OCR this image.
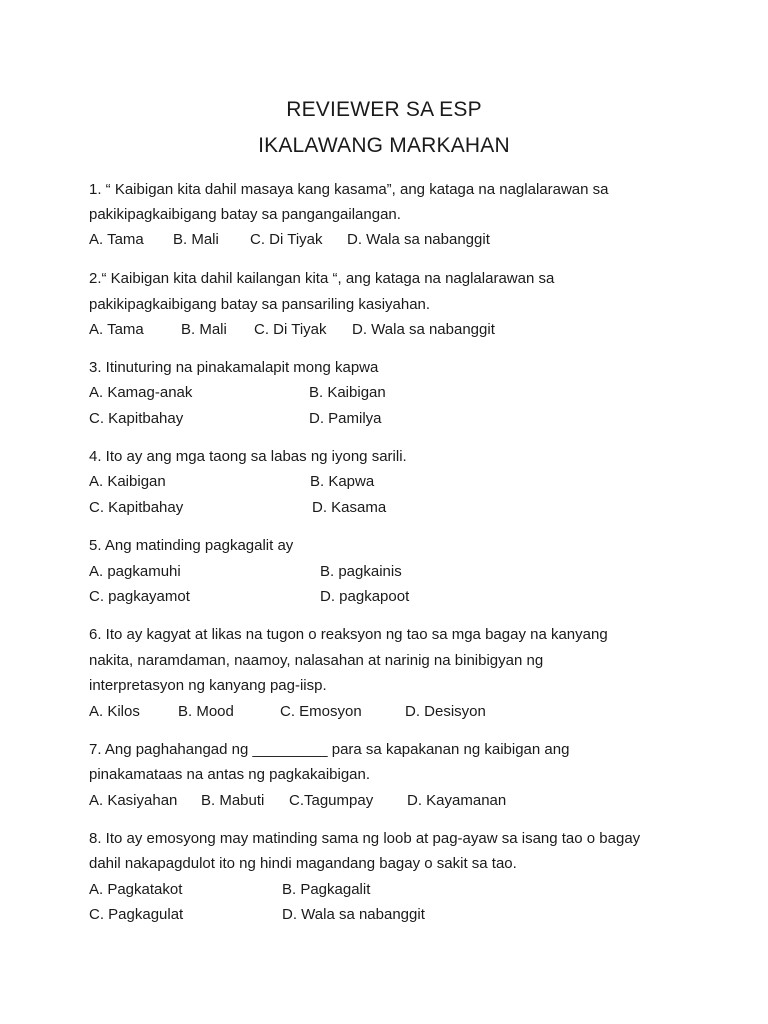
REVIEWER SA ESP
IKALAWANG MARKAHAN
1. “ Kaibigan kita dahil masaya kang kasama”, ang kataga na naglalarawan sa
pakikipagkaibigang batay sa pangangailangan.
A. Tama B. Mali C. Di Tiyak D. Wala sa nabanggit
2.“ Kaibigan kita dahil kailangan kita “, ang kataga na naglalarawan sa
pakikipagkaibigang batay sa pansariling kasiyahan.
A. Tama B. Mali C. Di Tiyak D. Wala sa nabanggit
3. Itinuturing na pinakamalapit mong kapwa
A. Kamag-anak	B. Kaibigan
C. Kapitbahay	D. Pamilya
4. Ito ay ang mga taong sa labas ng iyong sarili.
A. Kaibigan	B. Kapwa
C. Kapitbahay	D. Kasama
5. Ang matinding pagkagalit ay
A. pagkamuhi	B. pagkainis
C. pagkayamot	D. pagkapoot
6. Ito ay kagyat at likas na tugon o reaksyon ng tao sa mga bagay na kanyang
nakita, naramdaman, naamoy, nalasahan at narinig na binibigyan ng
interpretasyon ng kanyang pag-iisp.
A. Kilos	B. Mood	C. Emosyon	D. Desisyon
7. Ang paghahangad ng _________ para sa kapakanan ng kaibigan ang
pinakamataas na antas ng pagkakaibigan.
A. Kasiyahan B. Mabuti C.Tagumpay D. Kayamanan
8. Ito ay emosyong may matinding sama ng loob at pag-ayaw sa isang tao o bagay
dahil nakapagdulot ito ng hindi magandang bagay o sakit sa tao.
A. Pagkatakot	B. Pagkagalit
C. Pagkagulat	D. Wala sa nabanggit
